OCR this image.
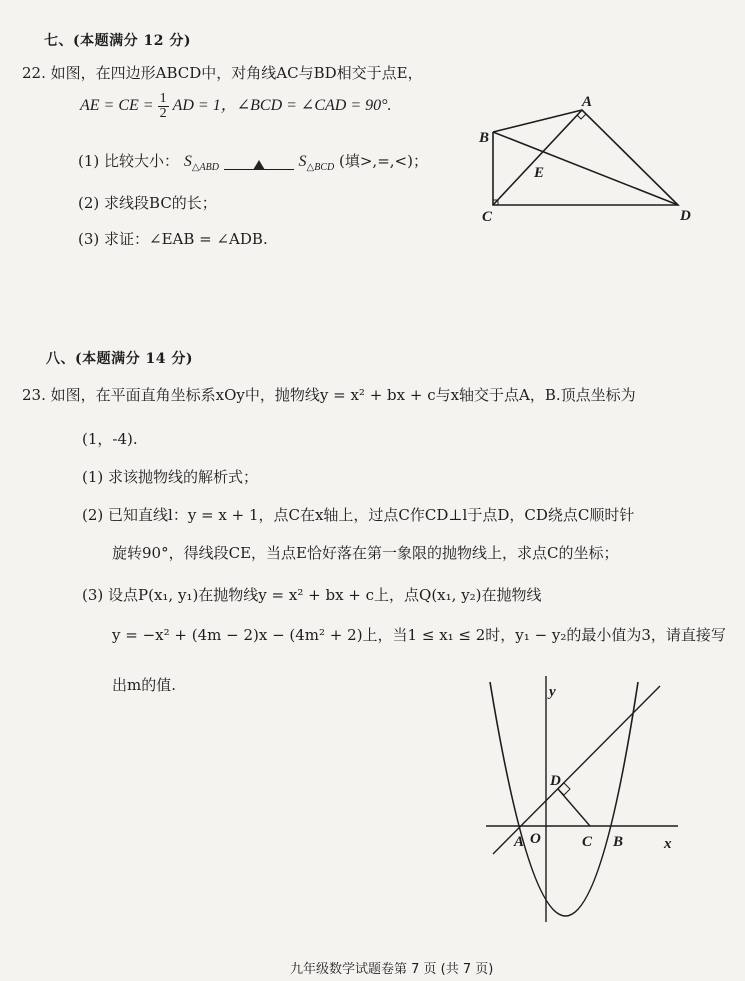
七、(本题满分 12 分)
22. 如图，在四边形ABCD中，对角线AC与BD相交于点E，
AE = CE = $\frac{1}{2}$ AD = 1，∠BCD = ∠CAD = 90°.
(1) 比较大小： $S_{\triangle ABD}$	$S_{\triangle BCD}$ (填>,=,<)；
(2) 求线段BC的长；
(3) 求证：∠EAB = ∠ADB.
A
B
C	D
E
八、(本题满分 14 分)
23. 如图，在平面直角坐标系xOy中，抛物线y = x² + bx + c与x轴交于点A，B.顶点坐标为
(1，-4).
(1) 求该抛物线的解析式；
(2) 已知直线l：y = x + 1，点C在x轴上，过点C作CD⊥l于点D，CD绕点C顺时针
旋转90°，得线段CE，当点E恰好落在第一象限的抛物线上，求点C的坐标；
(3) 设点P(x₁, y₁)在抛物线y = x² + bx + c上，点Q(x₁, y₂)在抛物线
y = −x² + (4m − 2)x − (4m² + 2)上，当1 ≤ x₁ ≤ 2时，y₁ − y₂的最小值为3，请直接写
出m的值.	y
x
O
A	C B
D
九年级数学试题卷第 7 页 (共 7 页)
